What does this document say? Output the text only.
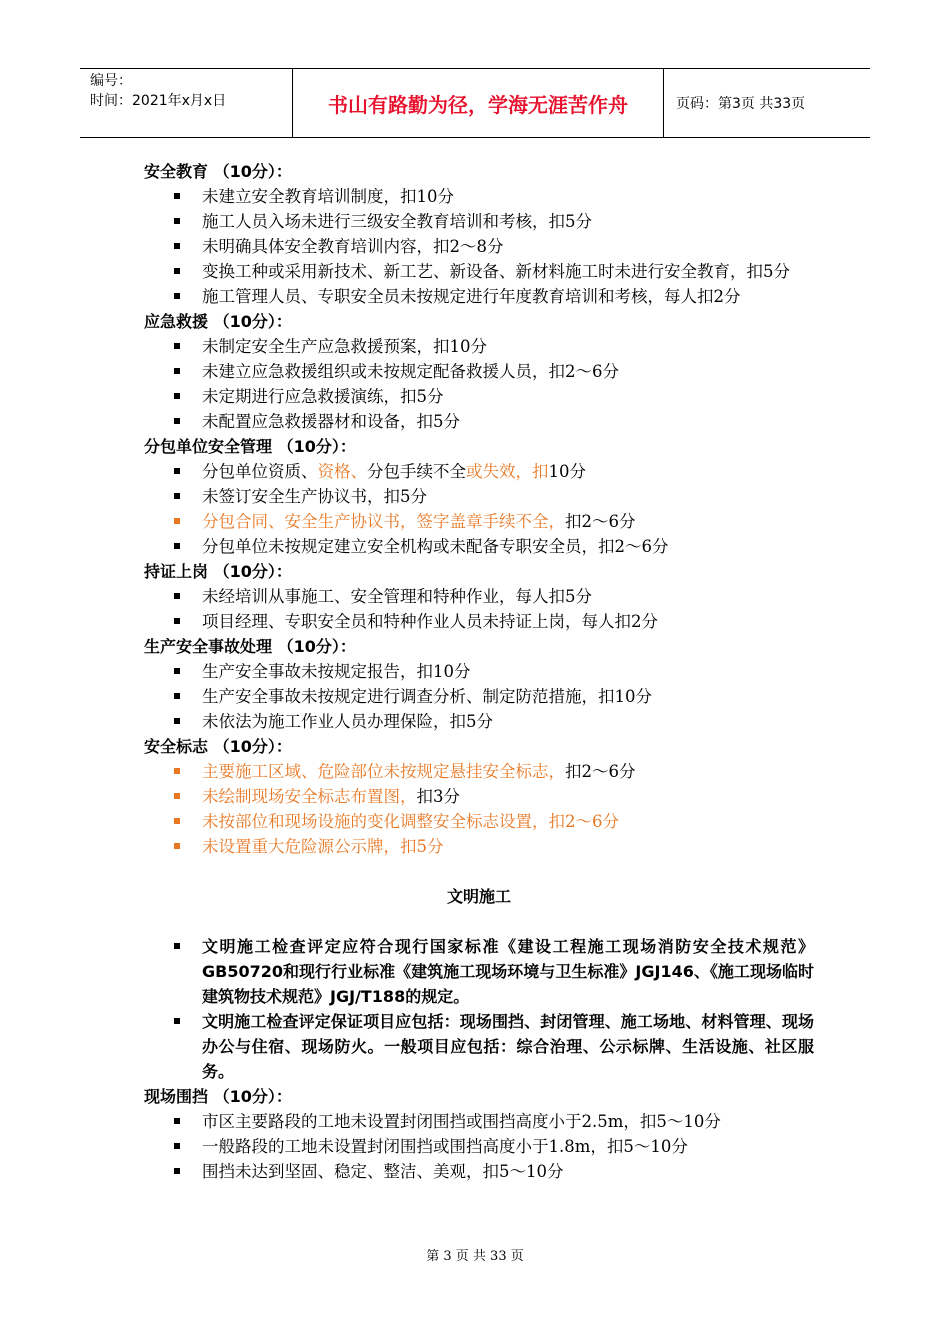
编号：
时间：2021年x月x日	书山有路勤为径，学海无涯苦作舟	页码：第3页 共33页
安全教育 （10分）：
未建立安全教育培训制度，扣10分
施工人员入场未进行三级安全教育培训和考核，扣5分
未明确具体安全教育培训内容，扣2～8分
变换工种或采用新技术、新工艺、新设备、新材料施工时未进行安全教育，扣5分
施工管理人员、专职安全员未按规定进行年度教育培训和考核，每人扣2分
应急救援 （10分）：
未制定安全生产应急救援预案，扣10分
未建立应急救援组织或未按规定配备救援人员，扣2～6分
未定期进行应急救援演练，扣5分
未配置应急救援器材和设备，扣5分
分包单位安全管理 （10分）：
分包单位资质、资格、分包手续不全或失效，扣10分
未签订安全生产协议书，扣5分
分包合同、安全生产协议书，签字盖章手续不全，扣2～6分
分包单位未按规定建立安全机构或未配备专职安全员，扣2～6分
持证上岗 （10分）：
未经培训从事施工、安全管理和特种作业，每人扣5分
项目经理、专职安全员和特种作业人员未持证上岗，每人扣2分
生产安全事故处理 （10分）：
生产安全事故未按规定报告，扣10分
生产安全事故未按规定进行调查分析、制定防范措施，扣10分
未依法为施工作业人员办理保险，扣5分
安全标志 （10分）：
主要施工区域、危险部位未按规定悬挂安全标志，扣2～6分
未绘制现场安全标志布置图，扣3分
未按部位和现场设施的变化调整安全标志设置，扣2～6分
未设置重大危险源公示牌，扣5分
文明施工
文明施工检查评定应符合现行国家标准《建设工程施工现场消防安全技术规范》GB50720和现行行业标准《建筑施工现场环境与卫生标准》JGJ146、《施工现场临时建筑物技术规范》JGJ/T188的规定。
文明施工检查评定保证项目应包括：现场围挡、封闭管理、施工场地、材料管理、现场办公与住宿、现场防火。一般项目应包括：综合治理、公示标牌、生活设施、社区服务。
现场围挡 （10分）：
市区主要路段的工地未设置封闭围挡或围挡高度小于2.5m，扣5～10分
一般路段的工地未设置封闭围挡或围挡高度小于1.8m，扣5～10分
围挡未达到坚固、稳定、整洁、美观，扣5～10分
第 3 页 共 33 页
